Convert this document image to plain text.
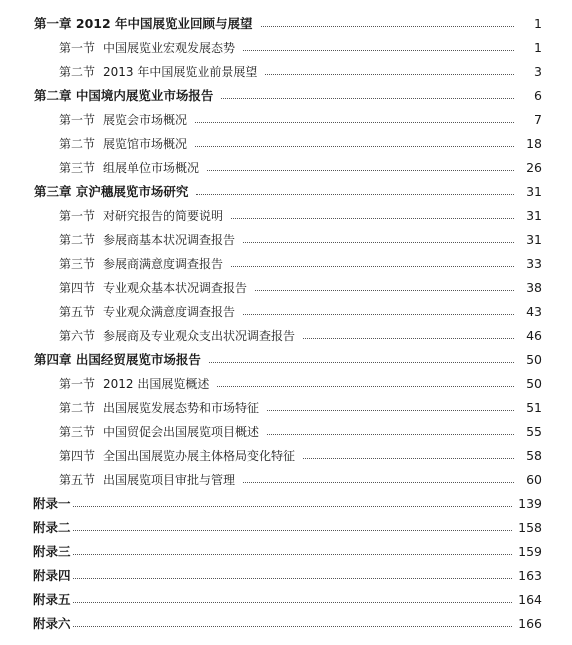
第一章 2012 年中国展览业回顾与展望	1
第一节 中国展览业宏观发展态势	1
第二节 2013 年中国展览业前景展望	3
第二章 中国境内展览业市场报告	6
第一节 展览会市场概况	7
第二节 展览馆市场概况	18
第三节 组展单位市场概况	26
第三章 京沪穗展览市场研究	31
第一节 对研究报告的简要说明	31
第二节 参展商基本状况调查报告	31
第三节 参展商满意度调查报告	33
第四节 专业观众基本状况调查报告	38
第五节 专业观众满意度调查报告	43
第六节 参展商及专业观众支出状况调查报告	46
第四章 出国经贸展览市场报告	50
第一节 2012 出国展览概述	50
第二节 出国展览发展态势和市场特征	51
第三节 中国贸促会出国展览项目概述	55
第四节 全国出国展览办展主体格局变化特征	58
第五节 出国展览项目审批与管理	60
附录一	139
附录二	158
附录三	159
附录四	163
附录五	164
附录六	166
